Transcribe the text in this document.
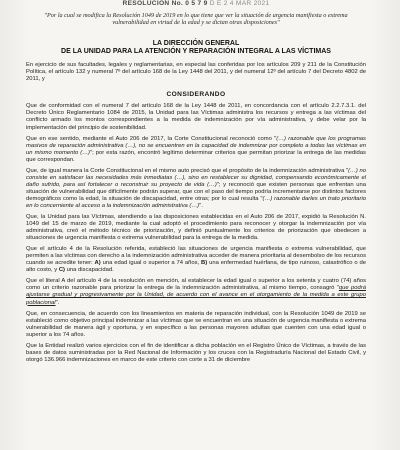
RESOLUCIÓN No. 0 5 7 9 D E 2 4 MAR 2021
"Por la cual se modifica la Resolución 1049 de 2019 en lo que tiene que ver la situación de urgencia manifiesta o extrema vulnerabilidad en virtud de la edad y se dictan otras disposiciones"
LA DIRECCIÓN GENERAL
DE LA UNIDAD PARA LA ATENCIÓN Y REPARACIÓN INTEGRAL A LAS VÍCTIMAS

En ejercicio de sus facultades, legales y reglamentarias, en especial las conferidas por los artículos 209 y 211 de la Constitución Política, el artículo 132 y numeral 7º del artículo 168 de la Ley 1448 del 2011, y del numeral 12º del artículo 7 del Decreto 4802 de 2011, y

CONSIDERANDO

Que de conformidad con el numeral 7 del artículo 168 de la Ley 1448 de 2011, en concordancia con el artículo 2.2.7.3.1. del Decreto Único Reglamentario 1084 de 2015, la Unidad para las Víctimas administra los recursos y entrega a las víctimas del conflicto armado los montos correspondientes a la medida de indemnización por vía administrativa, y debe velar por la implementación del principio de sostenibilidad.

Que en ese sentido, mediante el Auto 206 de 2017, la Corte Constitucional reconoció como "(…) razonable que los programas masivos de reparación administrativa (…), no se encuentren en la capacidad de indemnizar por completo a todas las víctimas en un mismo momento (…)"; por esta razón, encontró legítimo determinar criterios que permitan priorizar la entrega de las medidas que correspondan.

Que, de igual manera la Corte Constitucional en el mismo auto precisó que el propósito de la indemnización administrativa "(…) no consiste en satisfacer las necesidades más inmediatas (…), sino en restablecer su dignidad, compensando económicamente el daño sufrido, para así fortalecer o reconstruir su proyecto de vida (…)"; y reconoció que existen personas que enfrentan una situación de vulnerabilidad que difícilmente podrán superar, que con el paso del tiempo podría incrementarse por distintos factores demográficos como la edad, la situación de discapacidad, entre otras; por lo cual resulta "(…) razonable darles un trato prioritario en lo concerniente al acceso a la indemnización administrativa (…)".

Que, la Unidad para las Víctimas, atendiendo a las disposiciones establecidas en el Auto 206 de 2017, expidió la Resolución N. 1049 del 15 de marzo de 2019, mediante la cual adoptó el procedimiento para reconocer y otorgar la indemnización por vía administrativa, creó el método técnico de priorización, y definió puntualmente los criterios de priorización que obedecen a situaciones de urgencia manifiesta o extrema vulnerabilidad para la entrega de la medida.

Que el artículo 4 de la Resolución referida, estableció las situaciones de urgencia manifiesta o extrema vulnerabilidad, que permiten a las víctimas con derecho a la indemnización administrativa acceder de manera prioritaria al desembolso de los recursos cuando se acredite tener: A) una edad igual o superior a 74 años, B) una enfermedad huérfana, de tipo ruinoso, catastrófico o de alto costo, y C) una discapacidad.

Que el literal A del artículo 4 de la resolución en mención, al establecer la edad igual o superior a los setenta y cuatro (74) años como un criterio razonable para priorizar la entrega de la indemnización administrativa, al mismo tiempo, consagró "que podrá ajustarse gradual y progresivamente por la Unidad, de acuerdo con el avance en el otorgamiento de la medida a este grupo poblacional".

Que, en consecuencia, de acuerdo con los lineamientos en materia de reparación individual, con la Resolución 1049 de 2019 se estableció como objetivo principal indemnizar a las víctimas que se encuentran en una situación de urgencia manifiesta o extrema vulnerabilidad de manera ágil y oportuna, y en específico a las personas mayores adultas que cuenten con una edad igual o superior a los 74 años.

Que la Entidad realizó varios ejercicios con el fin de identificar a dicha población en el Registro Único de Víctimas, a través de las bases de datos suministradas por la Red Nacional de Información y los cruces con la Registraduría Nacional del Estado Civil, y otorgó 136.966 indemnizaciones en marco de este criterio con corte a 31 de diciembre
